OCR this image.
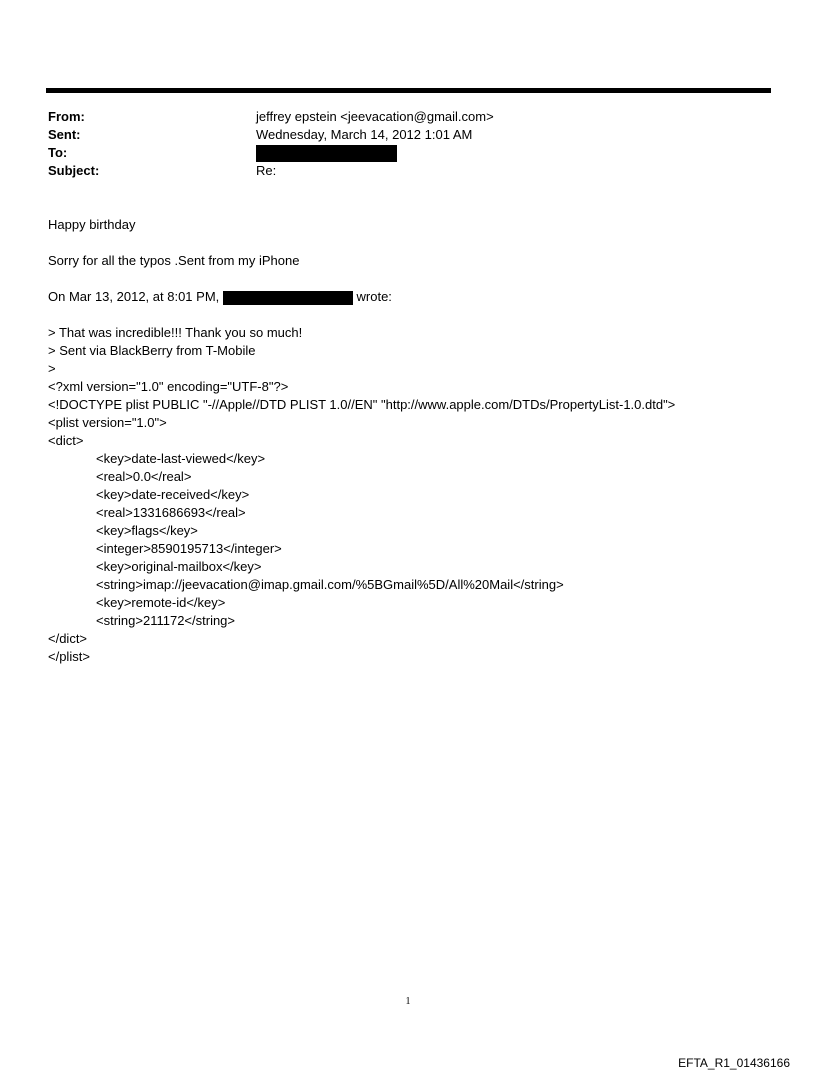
From:	jeffrey epstein <jeevacation@gmail.com>
Sent:	Wednesday, March 14, 2012 1:01 AM
To:
Subject:	Re:
Happy birthday
Sorry for all the typos .Sent from my iPhone
On Mar 13, 2012, at 8:01 PM,	wrote:
> That was incredible!!! Thank you so much!
> Sent via BlackBerry from T-Mobile
>
<?xml version="1.0" encoding="UTF-8"?>
<!DOCTYPE plist PUBLIC "-//Apple//DTD PLIST 1.0//EN" "http://www.apple.com/DTDs/PropertyList-1.0.dtd">
<plist version="1.0">
<dict>
<key>date-last-viewed</key>
<real>0.0</real>
<key>date-received</key>
<real>1331686693</real>
<key>flags</key>
<integer>8590195713</integer>
<key>original-mailbox</key>
<string>imap://jeevacation@imap.gmail.com/%5BGmail%5D/All%20Mail</string>
<key>remote-id</key>
<string>211172</string>
</dict>
</plist>
1
EFTA_R1_01436166
